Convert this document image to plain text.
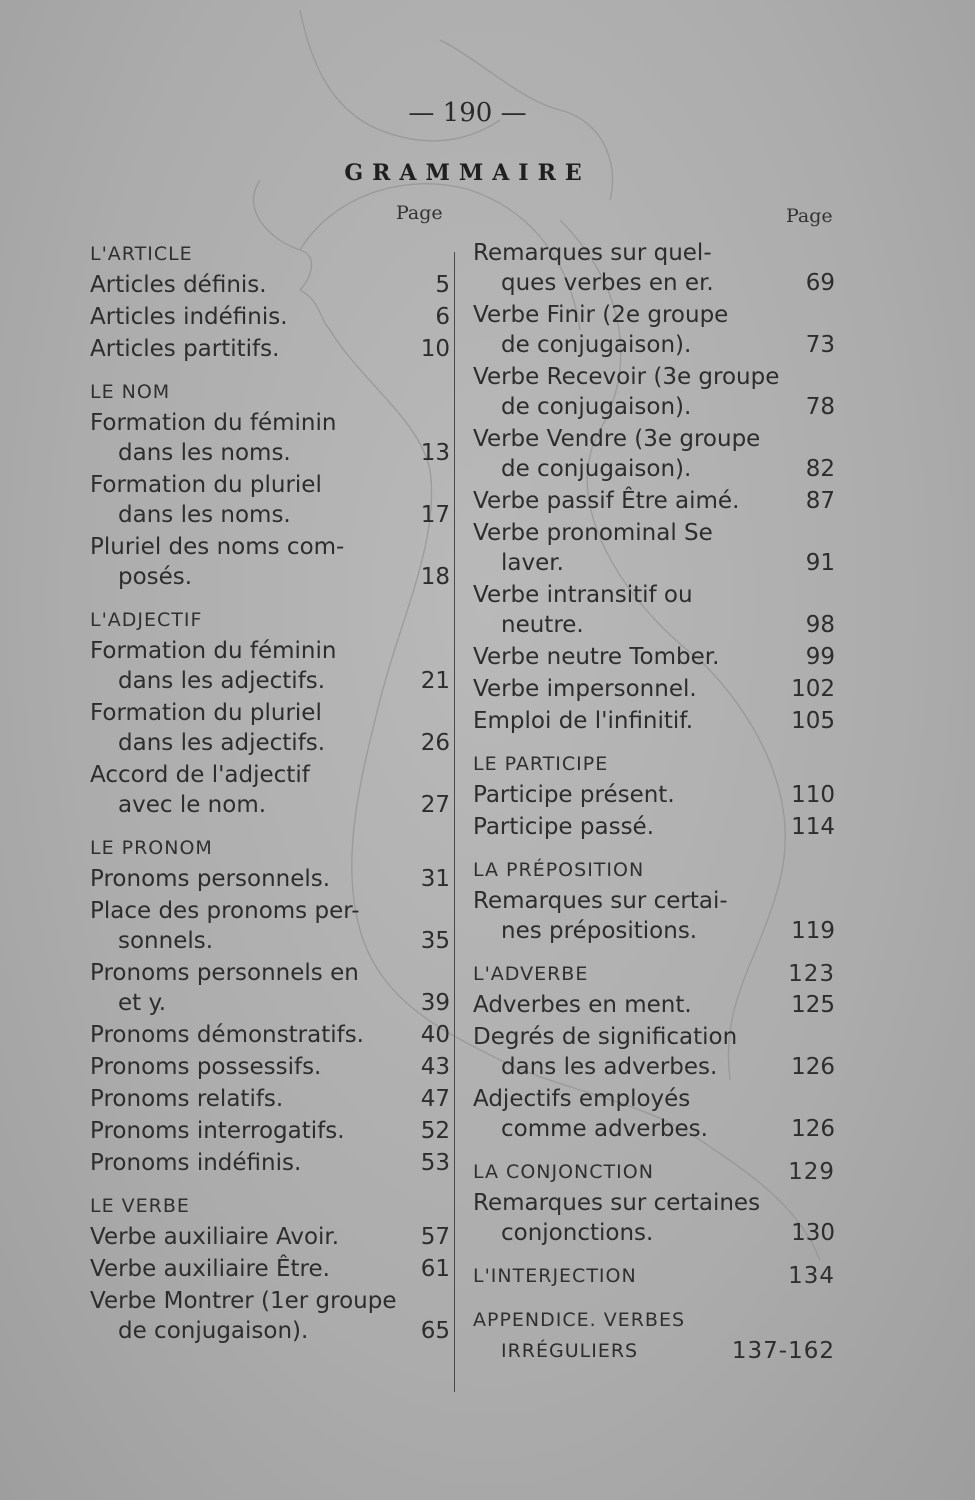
— 190 —
GRAMMAIRE
Page	Page
L'ARTICLE
Articles définis.	5
Articles indéfinis.	6
Articles partitifs.	10
LE NOM
Formation du féminin
dans les noms.	13
Formation du pluriel
dans les noms.	17
Pluriel des noms com-
posés.	18
L'ADJECTIF
Formation du féminin
dans les adjectifs.	21
Formation du pluriel
dans les adjectifs.	26
Accord de l'adjectif
avec le nom.	27
LE PRONOM
Pronoms personnels.	31
Place des pronoms per-
sonnels.	35
Pronoms personnels en
et y.	39
Pronoms démonstratifs.	40
Pronoms possessifs.	43
Pronoms relatifs.	47
Pronoms interrogatifs.	52
Pronoms indéfinis.	53
LE VERBE
Verbe auxiliaire Avoir.	57
Verbe auxiliaire Être.	61
Verbe Montrer (1er groupe
de conjugaison).	65
Remarques sur quel-
ques verbes en er.	69
Verbe Finir (2e groupe
de conjugaison).	73
Verbe Recevoir (3e groupe
de conjugaison).	78
Verbe Vendre (3e groupe
de conjugaison).	82
Verbe passif Être aimé.	87
Verbe pronominal Se
laver.	91
Verbe intransitif ou
neutre.	98
Verbe neutre Tomber.	99
Verbe impersonnel.	102
Emploi de l'infinitif.	105
LE PARTICIPE
Participe présent.	110
Participe passé.	114
LA PRÉPOSITION
Remarques sur certai-
nes prépositions.	119
L'ADVERBE	123
Adverbes en ment.	125
Degrés de signification
dans les adverbes.	126
Adjectifs employés
comme adverbes.	126
LA CONJONCTION	129
Remarques sur certaines
conjonctions.	130
L'INTERJECTION	134
APPENDICE. VERBES
IRRÉGULIERS	137-162
